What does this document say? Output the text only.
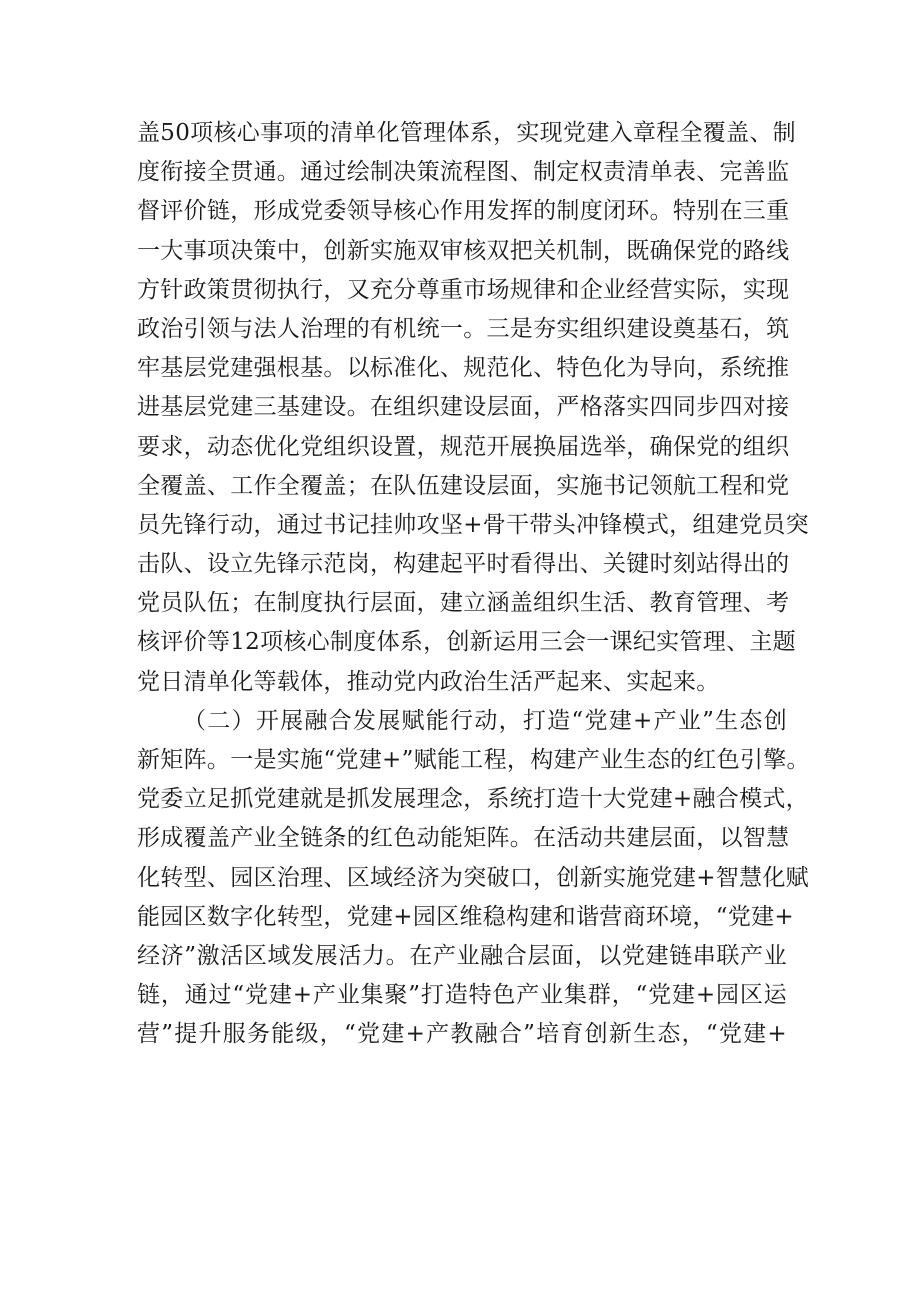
盖50项核心事项的清单化管理体系，实现党建入章程全覆盖、制
度衔接全贯通。通过绘制决策流程图、制定权责清单表、完善监
督评价链，形成党委领导核心作用发挥的制度闭环。特别在三重
一大事项决策中，创新实施双审核双把关机制，既确保党的路线
方针政策贯彻执行，又充分尊重市场规律和企业经营实际，实现
政治引领与法人治理的有机统一。三是夯实组织建设奠基石，筑
牢基层党建强根基。以标准化、规范化、特色化为导向，系统推
进基层党建三基建设。在组织建设层面，严格落实四同步四对接
要求，动态优化党组织设置，规范开展换届选举，确保党的组织
全覆盖、工作全覆盖；在队伍建设层面，实施书记领航工程和党
员先锋行动，通过书记挂帅攻坚+骨干带头冲锋模式，组建党员突
击队、设立先锋示范岗，构建起平时看得出、关键时刻站得出的
党员队伍；在制度执行层面，建立涵盖组织生活、教育管理、考
核评价等12项核心制度体系，创新运用三会一课纪实管理、主题
党日清单化等载体，推动党内政治生活严起来、实起来。
（二）开展融合发展赋能行动，打造“党建+产业”生态创
新矩阵。一是实施“党建+”赋能工程，构建产业生态的红色引擎。
党委立足抓党建就是抓发展理念，系统打造十大党建+融合模式，
形成覆盖产业全链条的红色动能矩阵。在活动共建层面，以智慧
化转型、园区治理、区域经济为突破口，创新实施党建+智慧化赋
能园区数字化转型，党建+园区维稳构建和谐营商环境，“党建+
经济”激活区域发展活力。在产业融合层面，以党建链串联产业
链，通过“党建+产业集聚”打造特色产业集群，“党建+园区运
营”提升服务能级，“党建+产教融合”培育创新生态，“党建+
